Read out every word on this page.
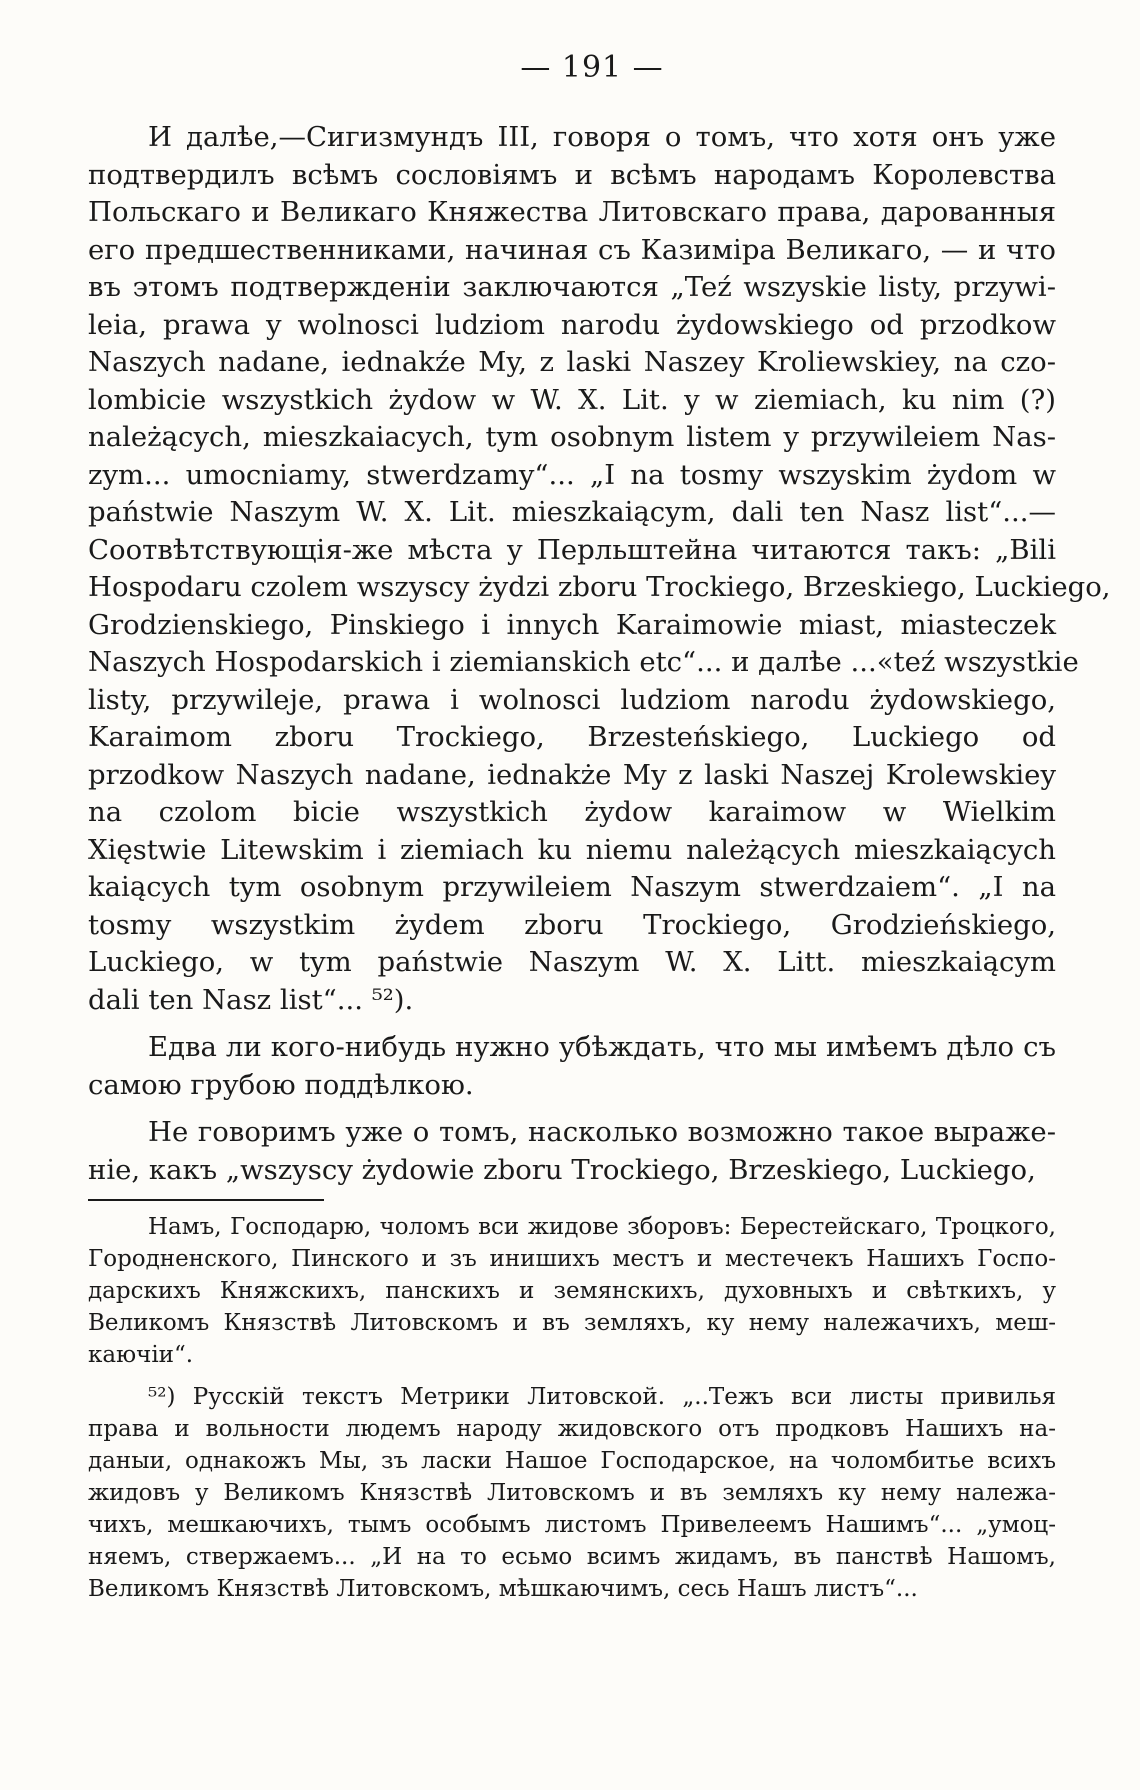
— 191 —
И далѣе,—Сигизмундъ III, говоря о томъ, что хотя онъ уже
подтвердилъ всѣмъ сословіямъ и всѣмъ народамъ Королевства
Польскаго и Великаго Княжества Литовскаго права, дарованныя
его предшественниками, начиная съ Казиміра Великаго, — и что
въ этомъ подтвержденіи заключаются „Teź wszyskie listy, przywi-
leia, prawa y wolnosci ludziom narodu żydowskiego od przodkow
Naszych nadane, iednakźe My, z laski Naszey Kroliewskiey, na czo-
lombicie wszystkich żydow w W. X. Lit. y w ziemiach, ku nim (?)
należących, mieszkaiacych, tym osobnym listem y przywileiem Nas-
zym... umocniamy, stwerdzamy“... „I na tosmy wszyskim żydom w
państwie Naszym W. X. Lit. mieszkaiącym, dali ten Nasz list“...—
Соотвѣтствующія-же мѣста у Перльштейна читаются такъ: „Bili
Hospodaru czolem wszyscy żydzi zboru Trockiego, Brzeskiego, Luckiego,
Grodzienskiego, Pinskiego i innych Karaimowie miast, miasteczek
Naszych Hospodarskich i ziemianskich etc“... и далѣе ...«teź wszystkie
listy, przywileje, prawa i wolnosci ludziom narodu żydowskiego,
Karaimom zboru Trockiego, Brzesteńskiego, Luckiego od
przodkow Naszych nadane, iednakże My z laski Naszej Krolewskiey
na czolom bicie wszystkich żydow karaimow w Wielkim
Xięstwie Litewskim i ziemiach ku niemu należących mieszkaiących
kaiących tym osobnym przywileiem Naszym stwerdzaiem“. „I na
tosmy wszystkim żydem zboru Trockiego, Grodzieńskiego,
Luckiego, w tym państwie Naszym W. X. Litt. mieszkaiącym
dali ten Nasz list“... ⁵²).
Едва ли кого-нибудь нужно убѣждать, что мы имѣемъ дѣло съ
самою грубою поддѣлкою.
Не говоримъ уже о томъ, насколько возможно такое выраже-
ніе, какъ „wszyscy żydowie zboru Trockiego, Brzeskiego, Luckiego,
Намъ, Господарю, чоломъ вси жидове зборовъ: Берестейскаго, Троцкого,
Городненского, Пинского и зъ инишихъ местъ и местечекъ Нашихъ Госпо-
дарскихъ Княжскихъ, панскихъ и земянскихъ, духовныхъ и свѣткихъ, у
Великомъ Князствѣ Литовскомъ и въ земляхъ, ку нему належачихъ, меш-
каючіи“.
⁵²) Русскій текстъ Метрики Литовской. „..Тежъ вси листы привилья
права и вольности людемъ народу жидовского отъ продковъ Нашихъ на-
даныи, однакожъ Мы, зъ ласки Нашое Господарское, на чоломбитье всихъ
жидовъ у Великомъ Князствѣ Литовскомъ и въ земляхъ ку нему належа-
чихъ, мешкаючихъ, тымъ особымъ листомъ Привелеемъ Нашимъ“... „умоц-
няемъ, ствержаемъ... „И на то есьмо всимъ жидамъ, въ панствѣ Нашомъ,
Великомъ Князствѣ Литовскомъ, мѣшкаючимъ, сесь Нашъ листъ“...
